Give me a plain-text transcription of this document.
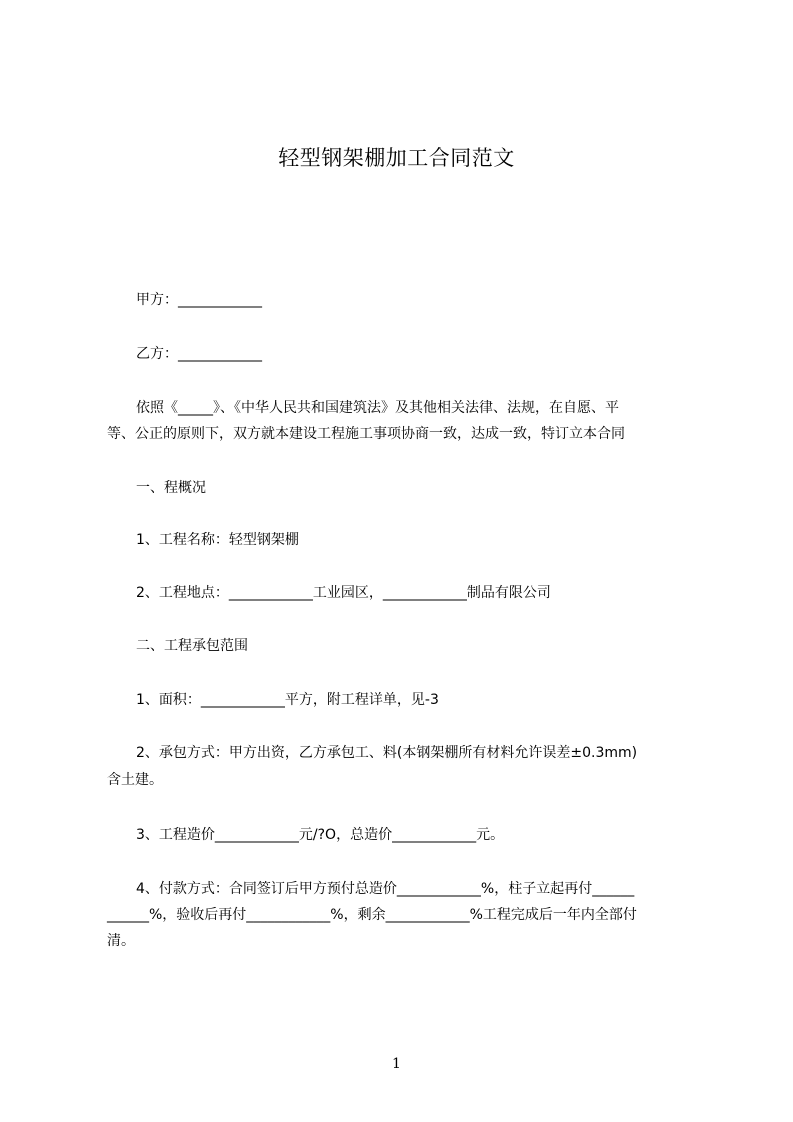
轻型钢架棚加工合同范文
甲方：____________
乙方：____________
依照《_____》、《中华人民共和国建筑法》及其他相关法律、法规，在自愿、平
等、公正的原则下，双方就本建设工程施工事项协商一致，达成一致，特订立本合同
一、程概况
1、工程名称：轻型钢架棚
2、工程地点：____________工业园区，____________制品有限公司
二、工程承包范围
1、面积：____________平方，附工程详单，见-3
2、承包方式：甲方出资，乙方承包工、料(本钢架棚所有材料允许误差±0.3mm)
含土建。
3、工程造价____________元/?O，总造价____________元。
4、付款方式：合同签订后甲方预付总造价____________%，柱子立起再付______
______%，验收后再付____________%，剩余____________%工程完成后一年内全部付
清。
1
